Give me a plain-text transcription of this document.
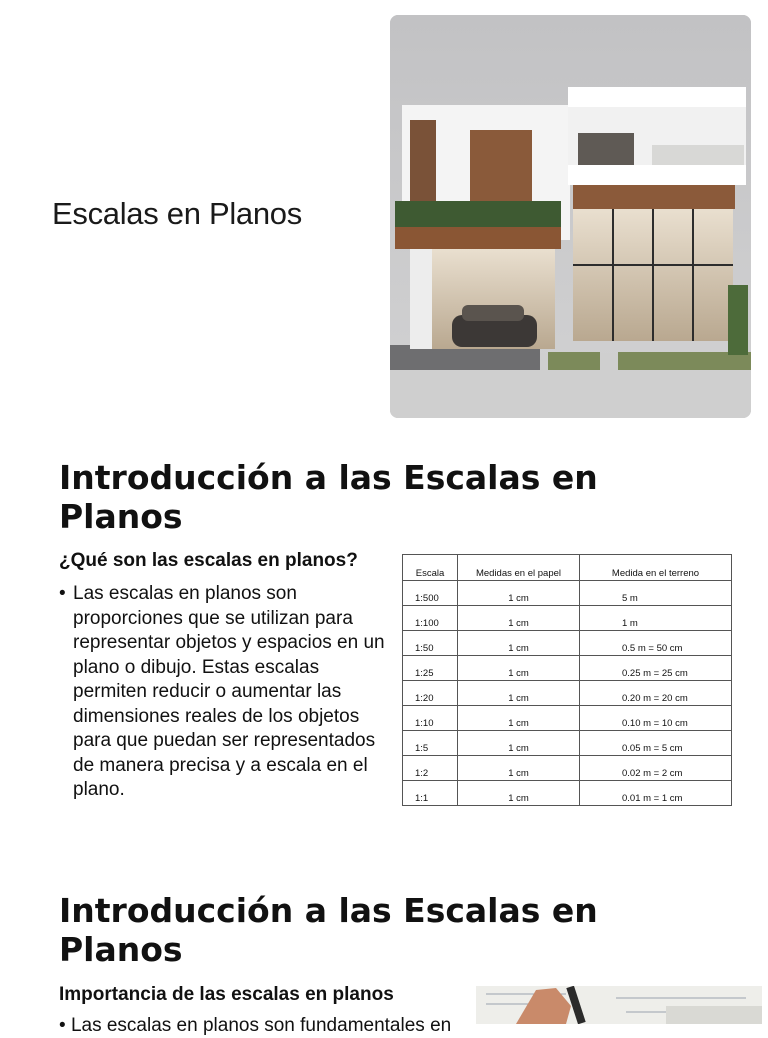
Escalas en Planos
Introducción a las Escalas en Planos
¿Qué son las escalas en planos?
• Las escalas en planos son proporciones que se utilizan para representar objetos y espacios en un plano o dibujo. Estas escalas permiten reducir o aumentar las dimensiones reales de los objetos para que puedan ser representados de manera precisa y a escala en el plano.
Escala	Medidas en el papel	Medida en el terreno
1:500	1 cm	5 m
1:100	1 cm	1 m
1:50	1 cm	0.5 m = 50 cm
1:25	1 cm	0.25 m = 25 cm
1:20	1 cm	0.20 m = 20 cm
1:10	1 cm	0.10 m = 10 cm
1:5	1 cm	0.05 m = 5 cm
1:2	1 cm	0.02 m = 2 cm
1:1	1 cm	0.01 m = 1 cm
Introducción a las Escalas en Planos
Importancia de las escalas en planos
• Las escalas en planos son fundamentales en
